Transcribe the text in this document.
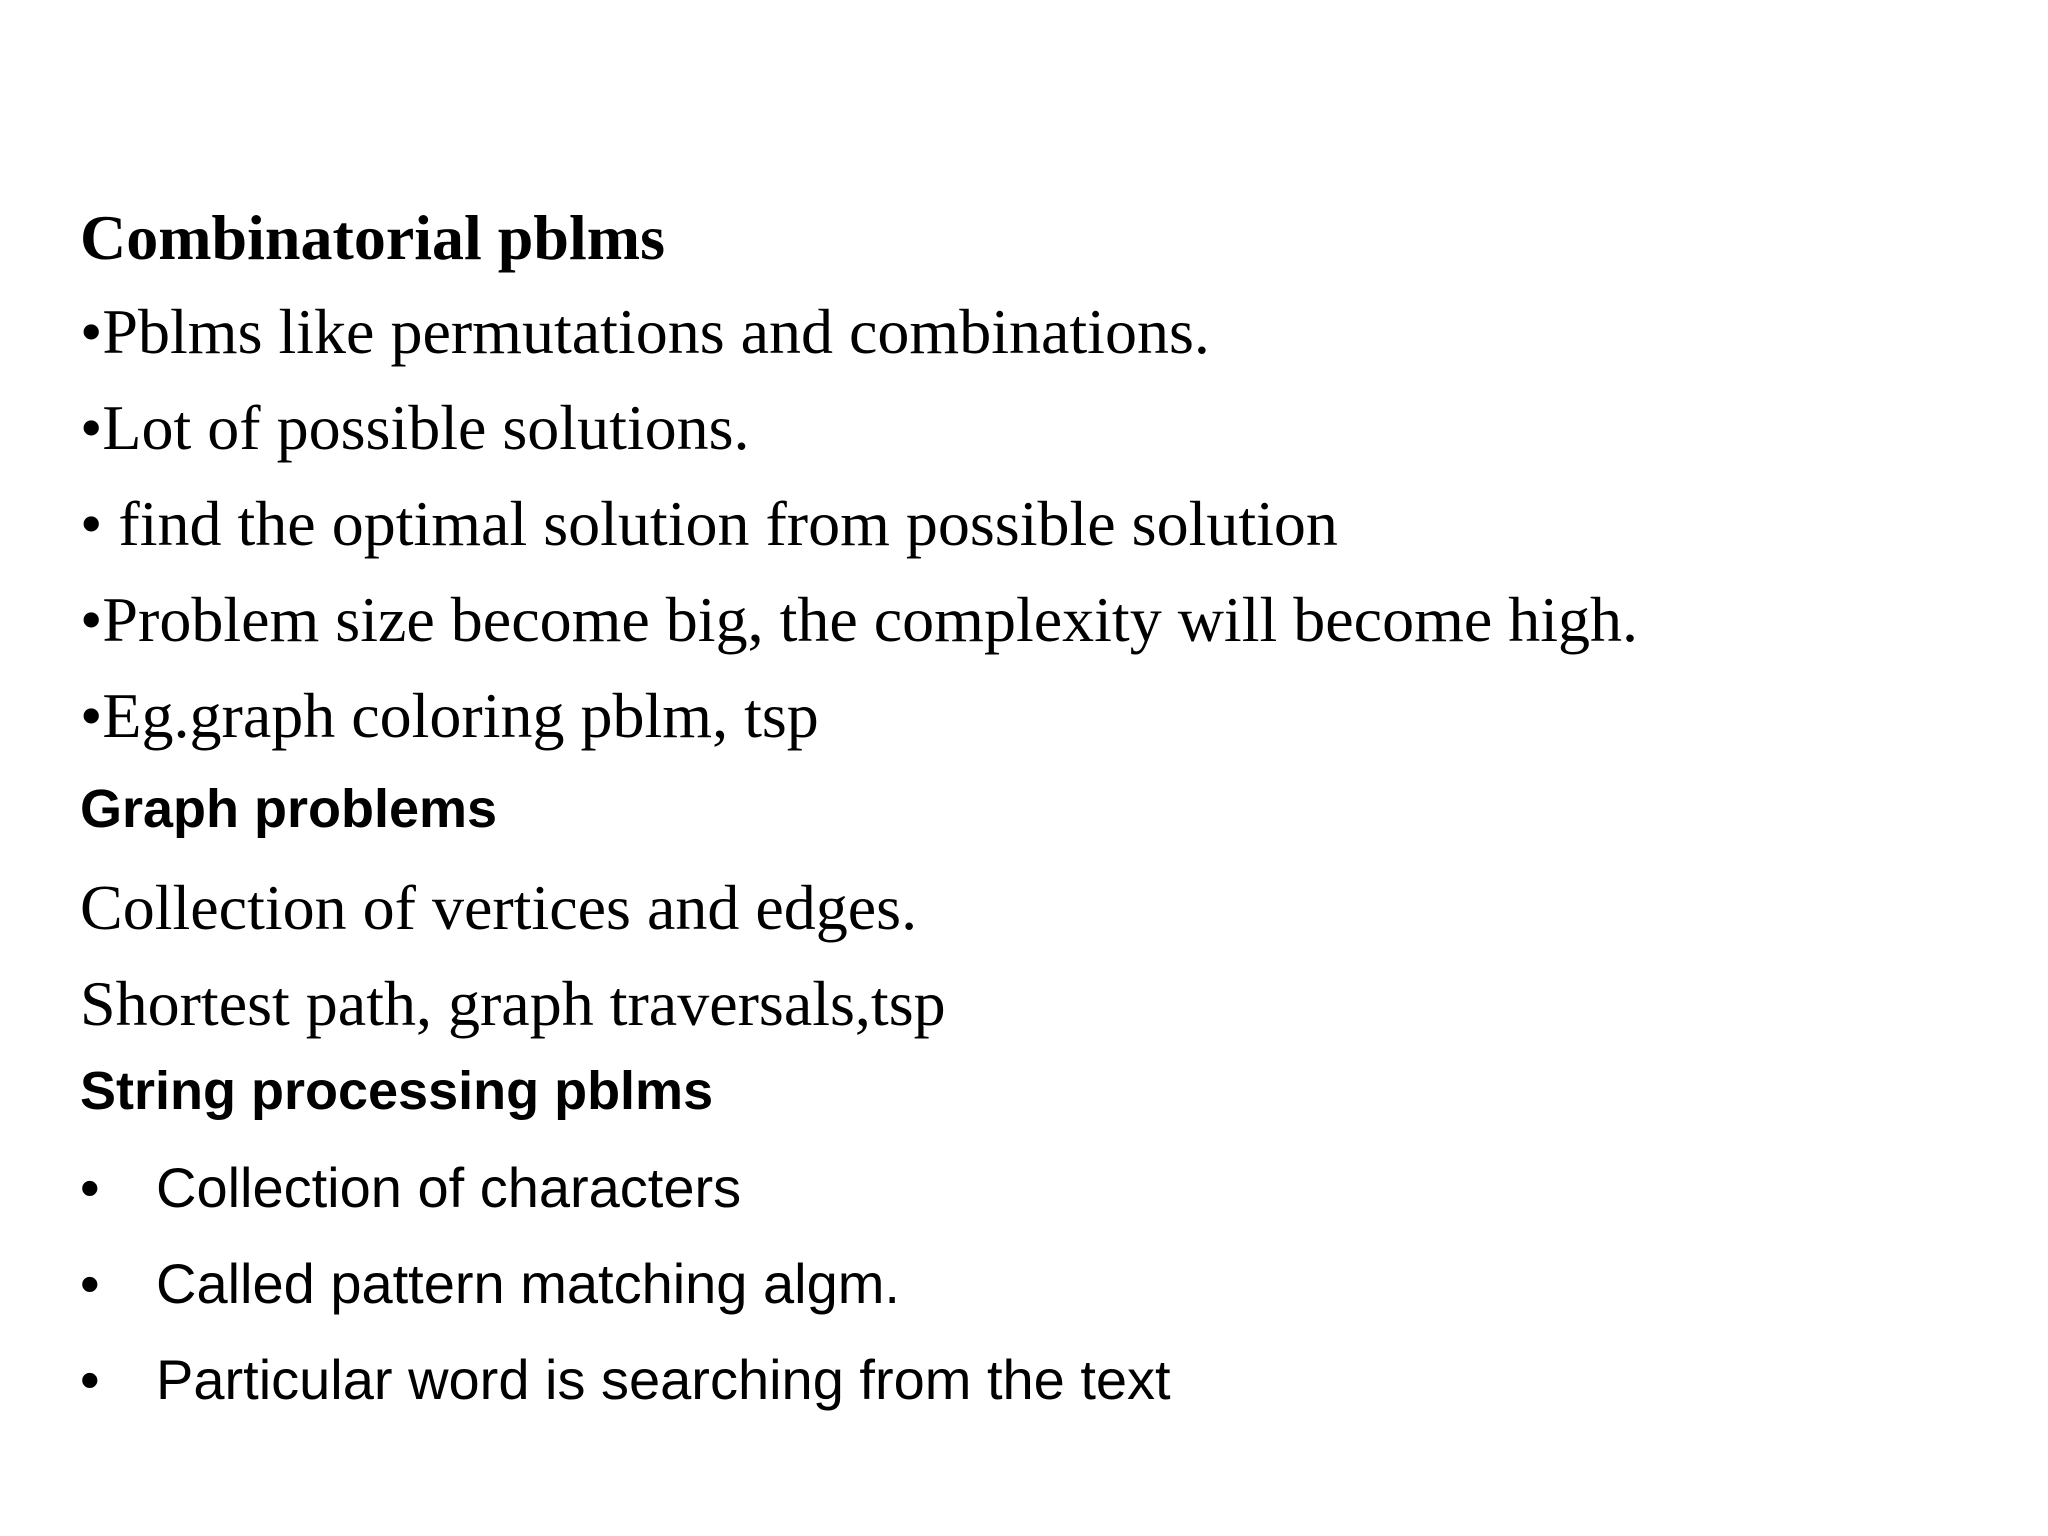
Combinatorial pblms
•Pblms like permutations and combinations.
•Lot of possible solutions.
• find the optimal solution from possible solution
•Problem size become big, the complexity will become high.
•Eg.graph coloring pblm, tsp
Graph problems
Collection of vertices and edges.
Shortest path, graph traversals,tsp
String processing pblms
• Collection of characters
• Called pattern matching algm.
• Particular word is searching from the text
